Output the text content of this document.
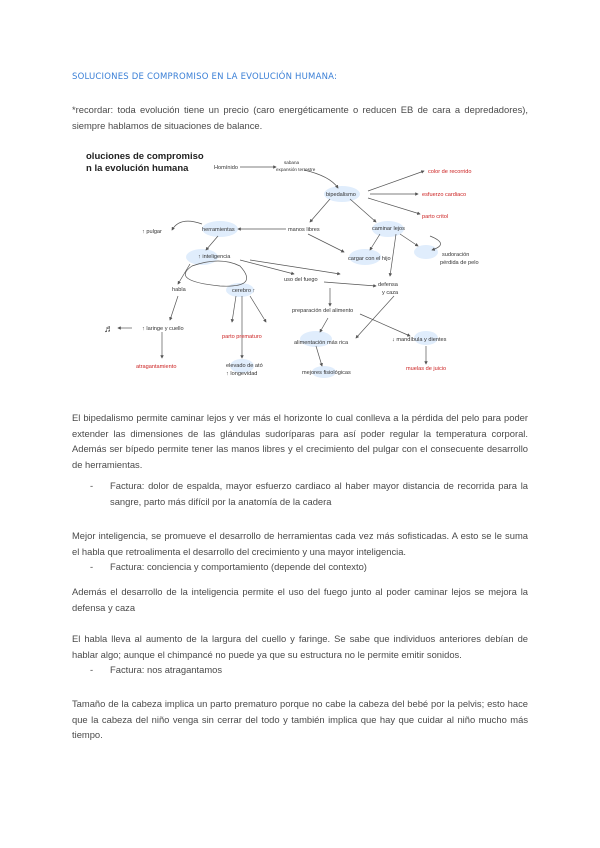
SOLUCIONES DE COMPROMISO EN LA EVOLUCIÓN HUMANA:
*recordar: toda evolución tiene un precio (caro energéticamente o reducen EB de cara a depredadores), siempre hablamos de situaciones de balance.
oluciones de compromiso
n la evolución humana	Homínido
sabana
expansión terrestre
bipedalismo
color de recorrido
esfuerzo cardiaco
parto critol
herramientas	manos libres	caminar lejos
↑ pulgar
sudoración
pérdida de pelo
cargar con el hijo
↑ inteligencia
uso del fuego
defensa
y caza
habla	cerebro ↑
preparación del alimento
↑ laringe y cuello
♬
parto prematuro
alimentación más rica	↓ mandíbula y dientes
atragantamiento	elevado de ató
↑ longevidad	mejores fisiológicas
muelas de juicio
El bipedalismo permite caminar lejos y ver más el horizonte lo cual conlleva a la pérdida del pelo para poder extender las dimensiones de las glándulas sudoríparas para así poder regular la temperatura corporal. Además ser bípedo permite tener las manos libres y el crecimiento del pulgar con el consecuente desarrollo de herramientas.
-	Factura: dolor de espalda, mayor esfuerzo cardiaco al haber mayor distancia de recorrida para la sangre, parto más difícil por la anatomía de la cadera
Mejor inteligencia, se promueve el desarrollo de herramientas cada vez más sofisticadas. A esto se le suma el habla que retroalimenta el desarrollo del crecimiento y una mayor inteligencia.
-	Factura: conciencia y comportamiento (depende del contexto)
Además el desarrollo de la inteligencia permite el uso del fuego junto al poder caminar lejos se mejora la defensa y caza
El habla lleva al aumento de la largura del cuello y faringe. Se sabe que individuos anteriores debían de hablar algo; aunque el chimpancé no puede ya que su estructura no le permite emitir sonidos.
-	Factura: nos atragantamos
Tamaño de la cabeza implica un parto prematuro porque no cabe la cabeza del bebé por la pelvis; esto hace que la cabeza del niño venga sin cerrar del todo y también implica que hay que cuidar al niño mucho más tiempo.
